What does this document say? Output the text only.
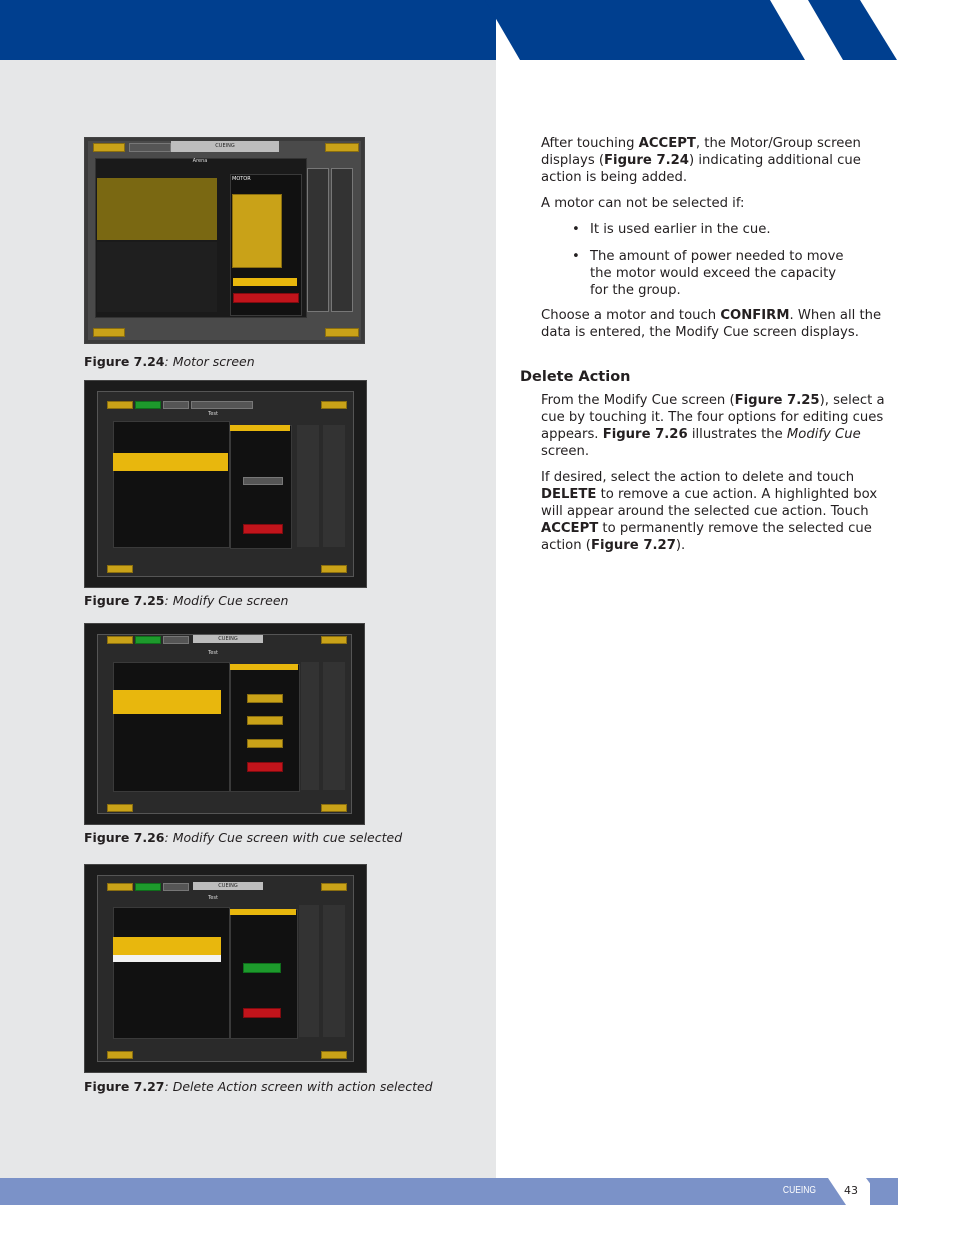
CUEING
Arena
MOTOR
Figure 7.24: Motor screen
Test
Figure 7.25: Modify Cue screen
CUEING
Test
Figure 7.26: Modify Cue screen with cue selected
CUEING
Test
Figure 7.27: Delete Action screen with action selected
After touching ACCEPT, the Motor/Group screen
displays (Figure 7.24) indicating additional cue
action is being added.
A motor can not be selected if:
• It is used earlier in the cue.
• The amount of power needed to move
the motor would exceed the capacity
for the group.
Choose a motor and touch CONFIRM. When all the
data is entered, the Modify Cue screen displays.
Delete Action
From the Modify Cue screen (Figure 7.25), select a
cue by touching it. The four options for editing cues
appears. Figure 7.26 illustrates the Modify Cue
screen.
If desired, select the action to delete and touch
DELETE to remove a cue action. A highlighted box
will appear around the selected cue action. Touch
ACCEPT to permanently remove the selected cue
action (Figure 7.27).
CUEING	43
